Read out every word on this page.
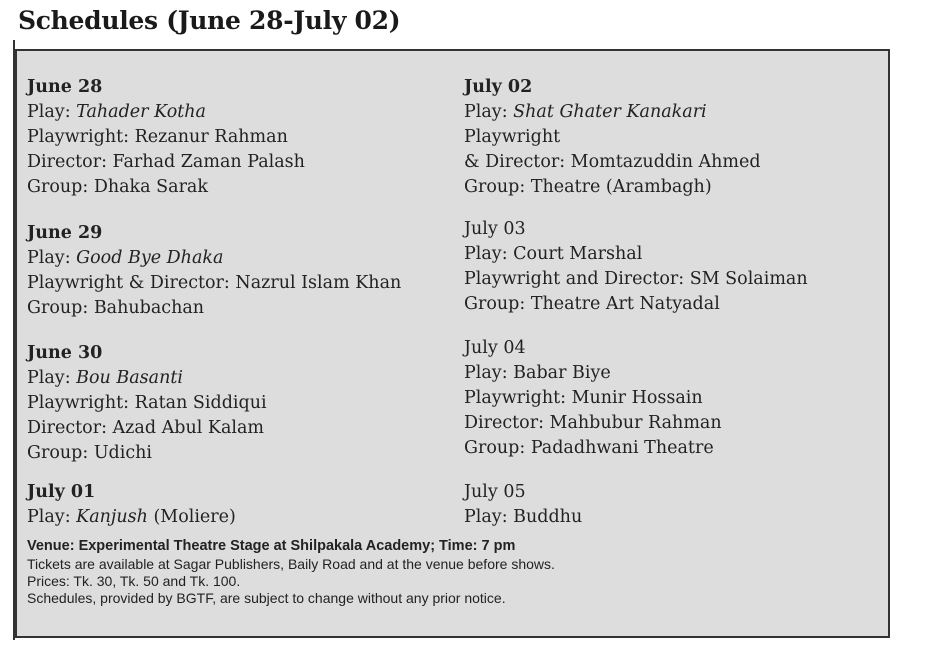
Schedules (June 28-July 02)
June 28
Play: Tahader Kotha
Playwright: Rezanur Rahman
Director: Farhad Zaman Palash
Group: Dhaka Sarak
June 29
Play: Good Bye Dhaka
Playwright & Director: Nazrul Islam Khan
Group: Bahubachan
June 30
Play: Bou Basanti
Playwright: Ratan Siddiqui
Director: Azad Abul Kalam
Group: Udichi
July 01
Play: Kanjush (Moliere)
July 02
Play: Shat Ghater Kanakari
Playwright
& Director: Momtazuddin Ahmed
Group: Theatre (Arambagh)
July 03
Play: Court Marshal
Playwright and Director: SM Solaiman
Group: Theatre Art Natyadal
July 04
Play: Babar Biye
Playwright: Munir Hossain
Director: Mahbubur Rahman
Group: Padadhwani Theatre
July 05
Play: Buddhu
Venue: Experimental Theatre Stage at Shilpakala Academy; Time: 7 pm
Tickets are available at Sagar Publishers, Baily Road and at the venue before shows.
Prices: Tk. 30, Tk. 50 and Tk. 100.
Schedules, provided by BGTF, are subject to change without any prior notice.
